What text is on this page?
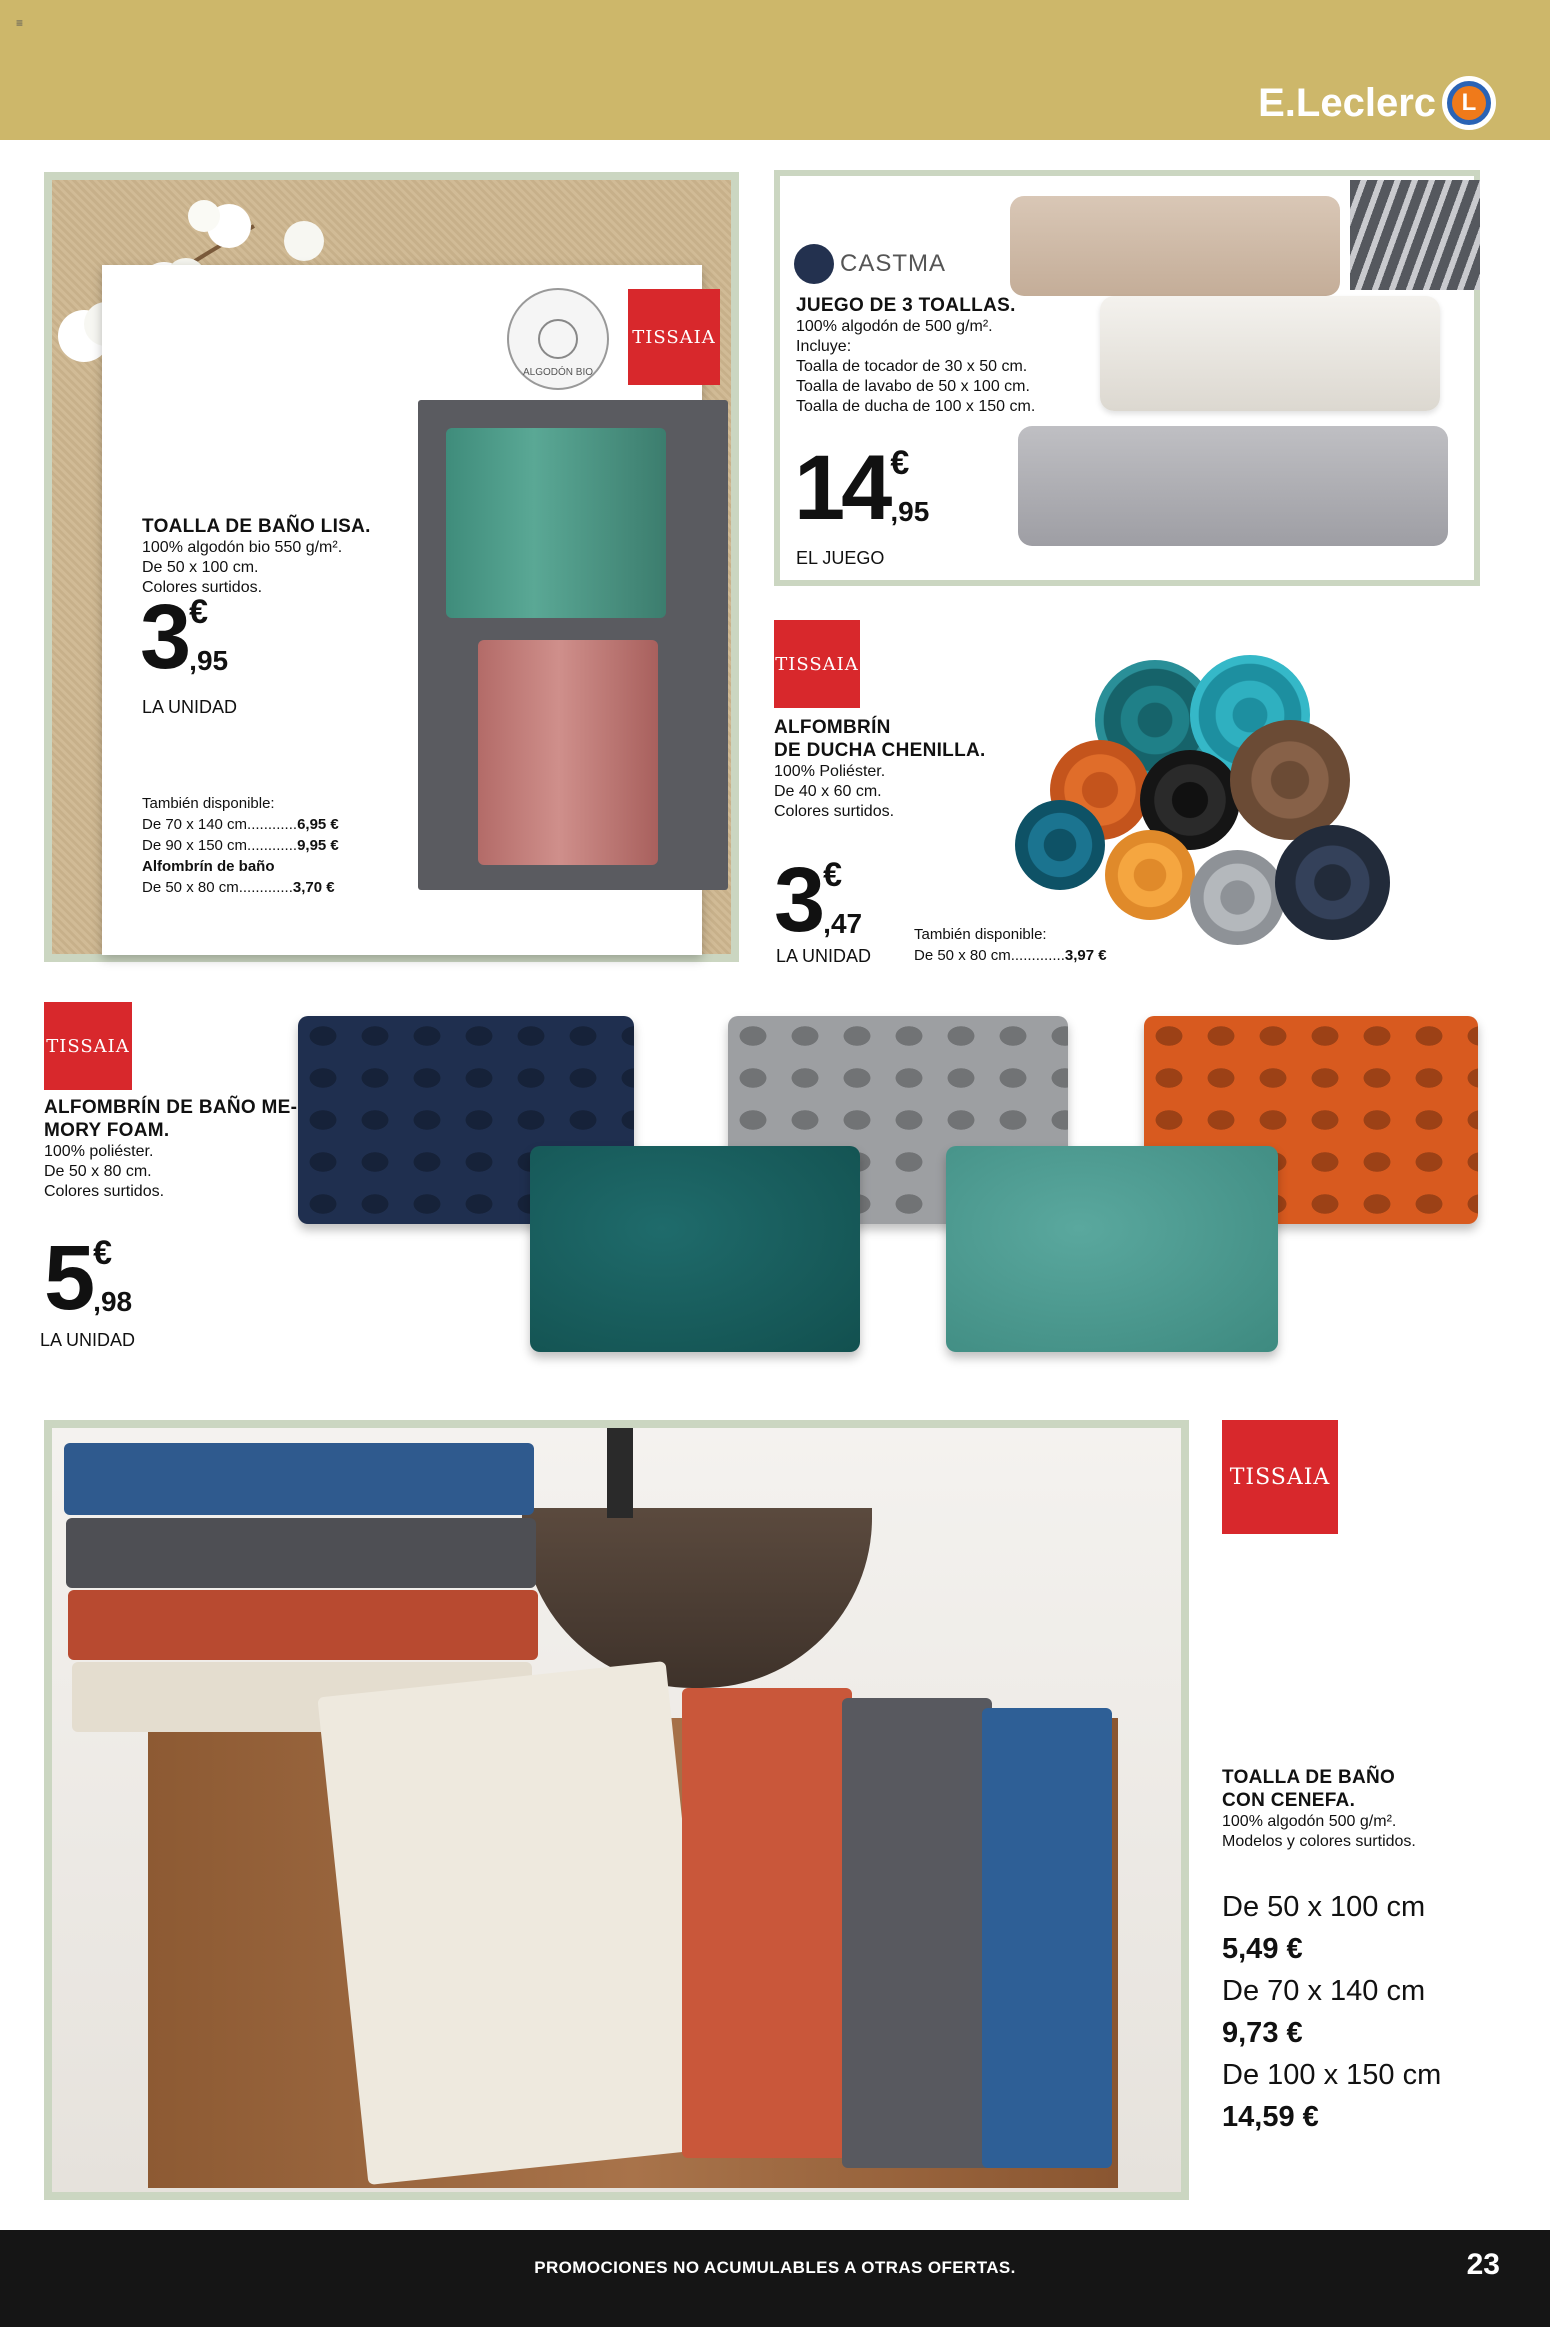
≡
E.Leclerc	L
ALGODÓN BIO
TISSAIA
TOALLA DE BAÑO LISA.
100% algodón bio 550 g/m².
De 50 x 100 cm.
Colores surtidos.
3 €
,95
LA UNIDAD
También disponible:
De 70 x 140 cm............ 6,95 €
De 90 x 150 cm............ 9,95 €
Alfombrín de baño
De 50 x 80 cm............. 3,70 €
CASTMA
JUEGO DE 3 TOALLAS.
100% algodón de 500 g/m².
Incluye:
Toalla de tocador de 30 x 50 cm.
Toalla de lavabo de 50 x 100 cm.
Toalla de ducha de 100 x 150 cm.
14 €
,95
EL JUEGO
TISSAIA
ALFOMBRÍN
DE DUCHA CHENILLA.
100% Poliéster.
De 40 x 60 cm.
Colores surtidos.
3 €
,47
LA UNIDAD
También disponible:
De 50 x 80 cm............. 3,97 €
TISSAIA
ALFOMBRÍN DE BAÑO ME-
MORY FOAM.
100% poliéster.
De 50 x 80 cm.
Colores surtidos.
5 €
,98
LA UNIDAD
TISSAIA
TOALLA DE BAÑO
CON CENEFA.
100% algodón 500 g/m².
Modelos y colores surtidos.
De 50 x 100 cm
5,49 €
De 70 x 140 cm
9,73 €
De 100 x 150 cm
14,59 €
PROMOCIONES NO ACUMULABLES A OTRAS OFERTAS.	23
